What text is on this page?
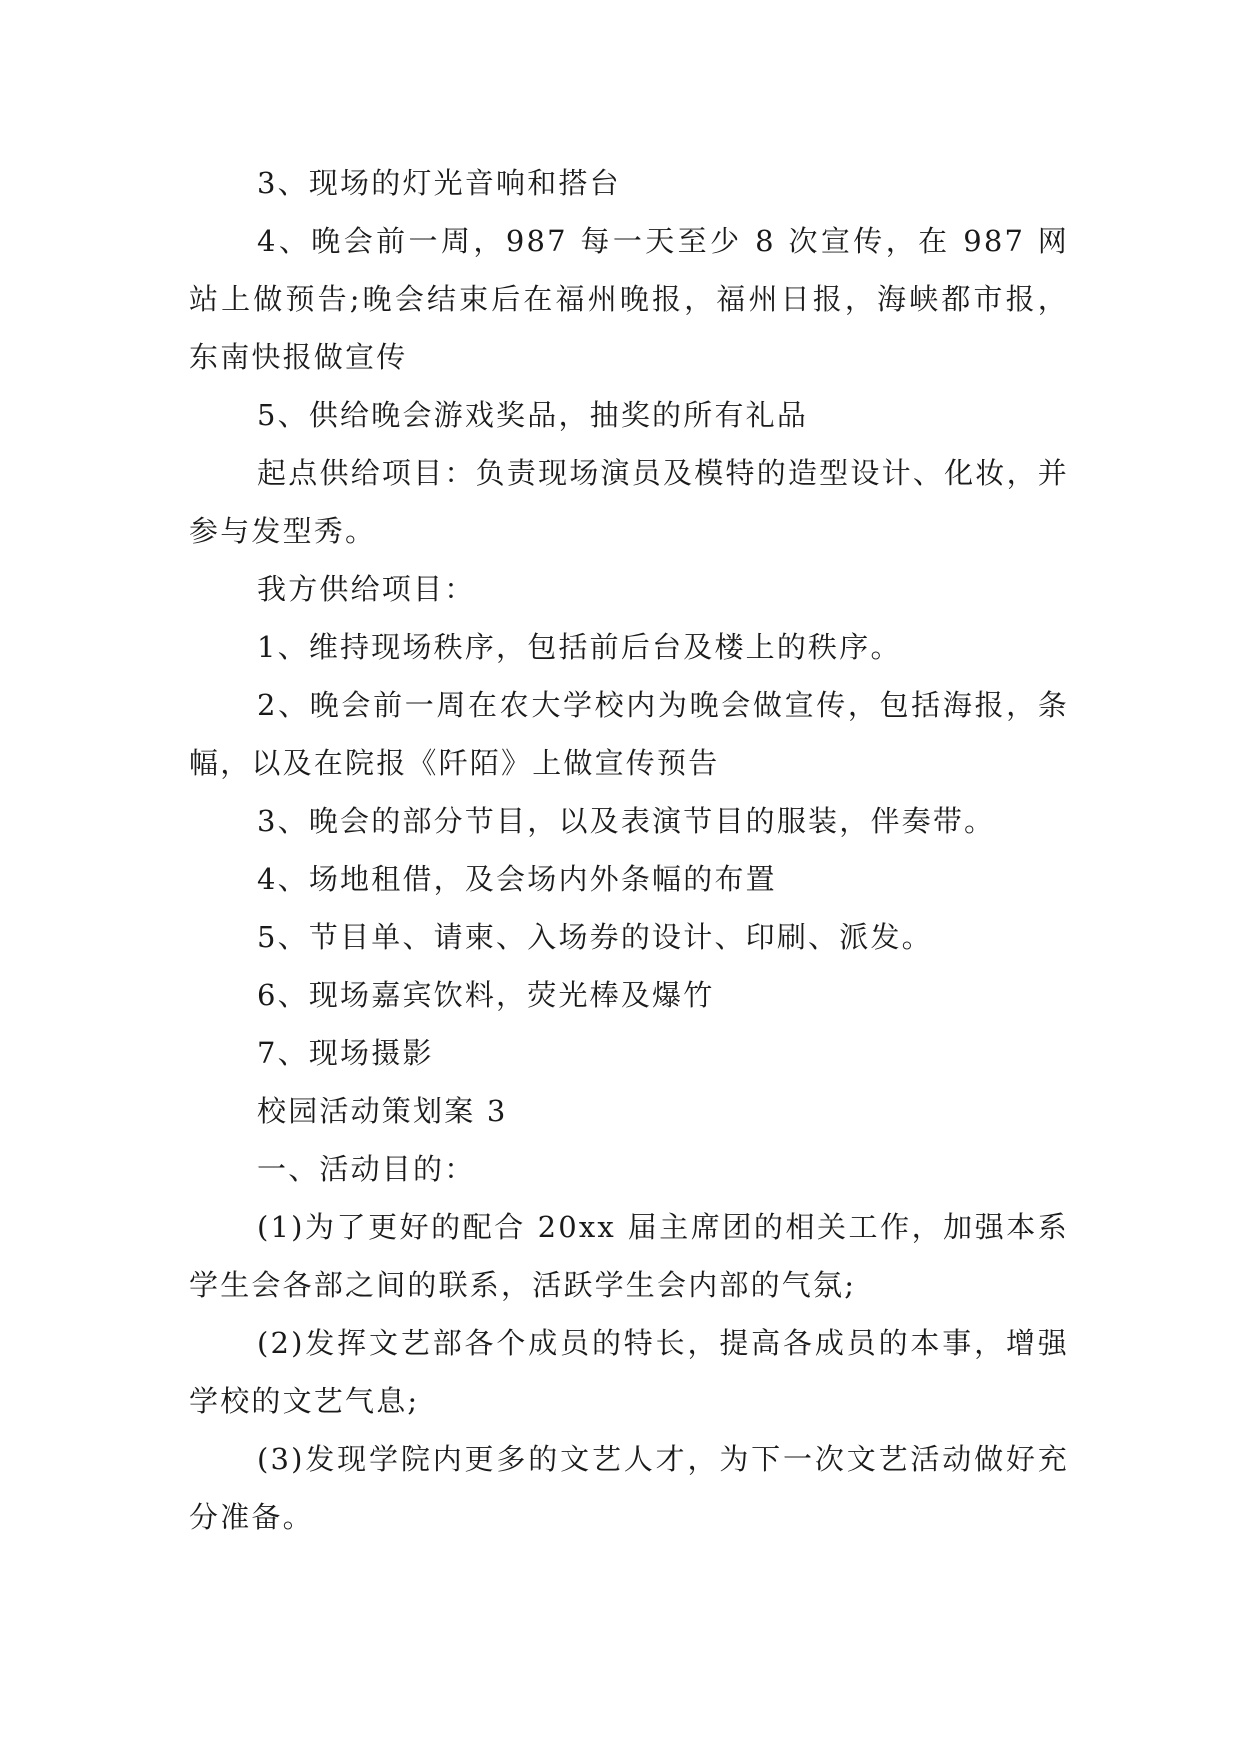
3、现场的灯光音响和搭台

4、晚会前一周，987 每一天至少 8 次宣传，在 987 网站上做预告;晚会结束后在福州晚报，福州日报，海峡都市报，东南快报做宣传

5、供给晚会游戏奖品，抽奖的所有礼品

起点供给项目：负责现场演员及模特的造型设计、化妆，并参与发型秀。

我方供给项目：

1、维持现场秩序，包括前后台及楼上的秩序。

2、晚会前一周在农大学校内为晚会做宣传，包括海报，条幅，以及在院报《阡陌》上做宣传预告

3、晚会的部分节目，以及表演节目的服装，伴奏带。

4、场地租借，及会场内外条幅的布置

5、节目单、请柬、入场券的设计、印刷、派发。

6、现场嘉宾饮料，荧光棒及爆竹

7、现场摄影

校园活动策划案 3

一、活动目的：

(1)为了更好的配合 20xx 届主席团的相关工作，加强本系学生会各部之间的联系，活跃学生会内部的气氛;

(2)发挥文艺部各个成员的特长，提高各成员的本事，增强学校的文艺气息;

(3)发现学院内更多的文艺人才，为下一次文艺活动做好充分准备。
